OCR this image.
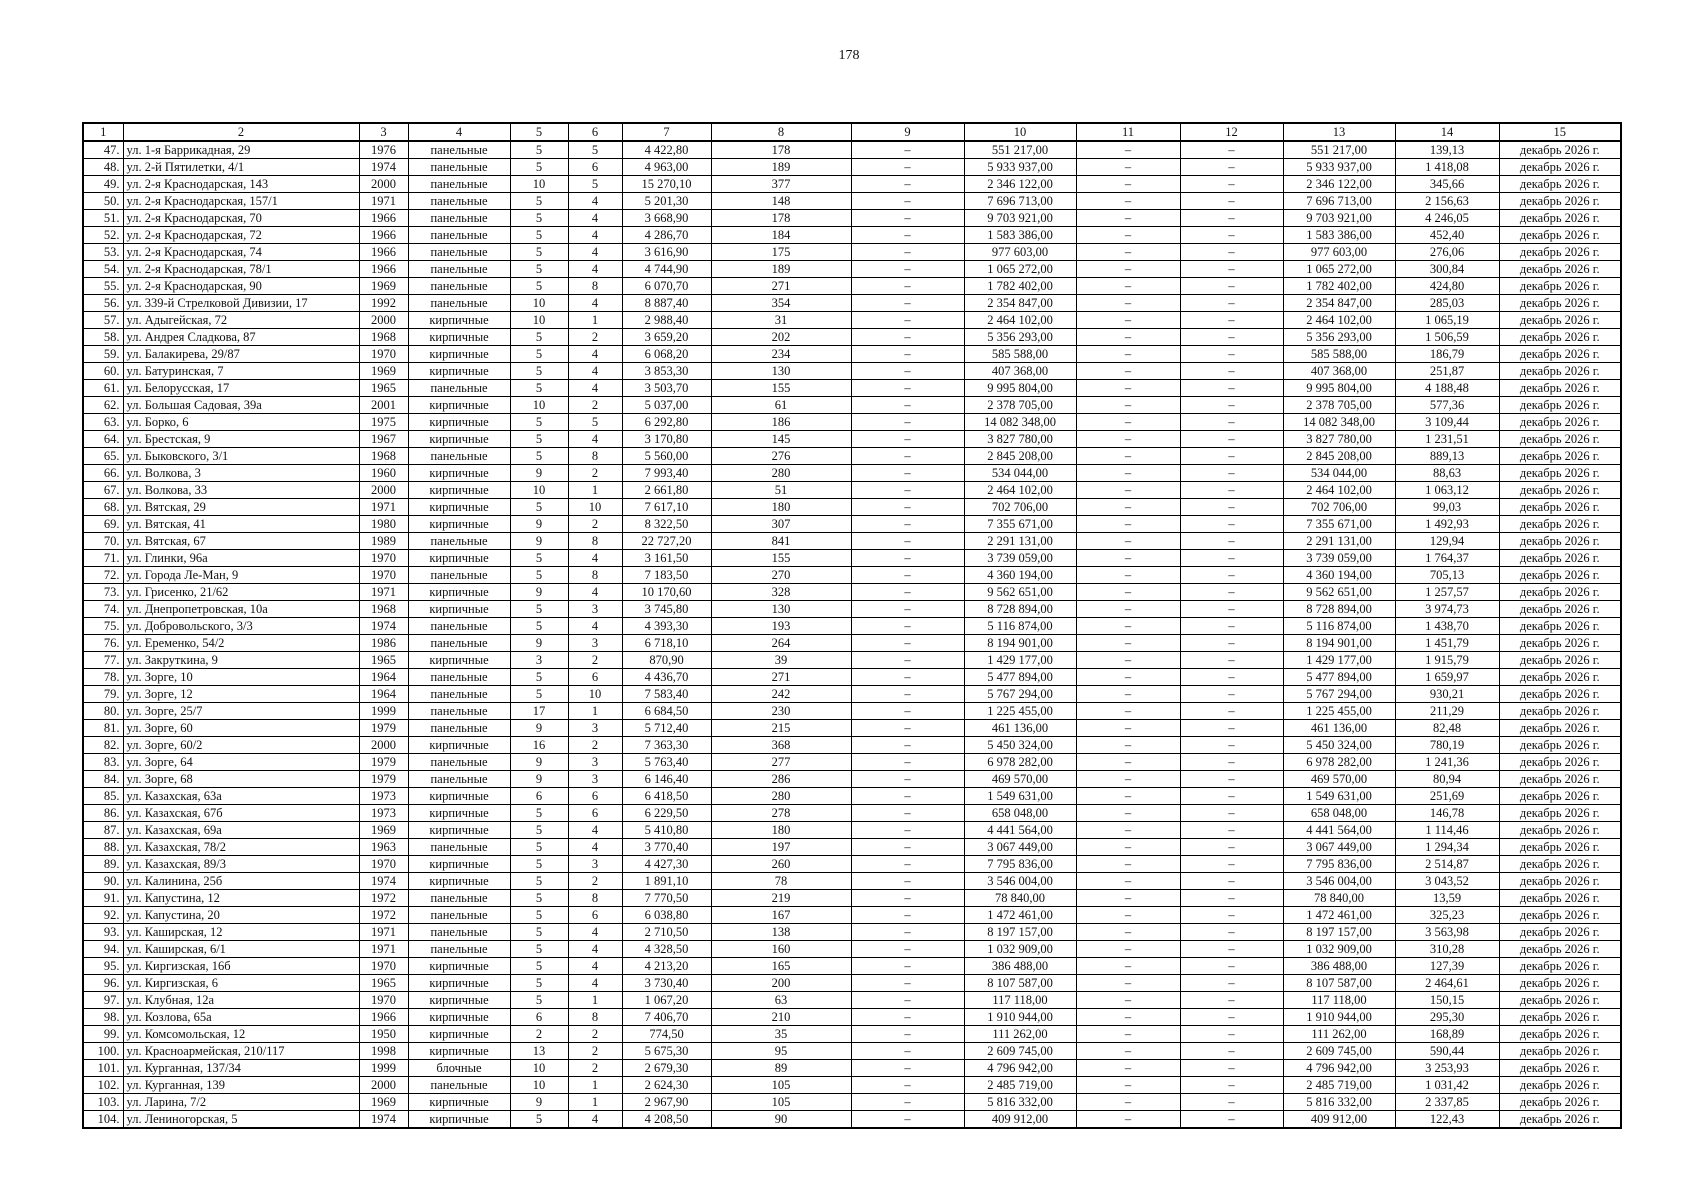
178
1	2	3	4	5	6	7	8	9	10	11	12	13	14	15
47.	ул. 1-я Баррикадная, 29	1976	панельные	5	5	4 422,80	178	–	551 217,00	–	–	551 217,00	139,13	декабрь 2026 г.
48.	ул. 2-й Пятилетки, 4/1	1974	панельные	5	6	4 963,00	189	–	5 933 937,00	–	–	5 933 937,00	1 418,08	декабрь 2026 г.
49.	ул. 2-я Краснодарская, 143	2000	панельные	10	5	15 270,10	377	–	2 346 122,00	–	–	2 346 122,00	345,66	декабрь 2026 г.
50.	ул. 2-я Краснодарская, 157/1	1971	панельные	5	4	5 201,30	148	–	7 696 713,00	–	–	7 696 713,00	2 156,63	декабрь 2026 г.
51.	ул. 2-я Краснодарская, 70	1966	панельные	5	4	3 668,90	178	–	9 703 921,00	–	–	9 703 921,00	4 246,05	декабрь 2026 г.
52.	ул. 2-я Краснодарская, 72	1966	панельные	5	4	4 286,70	184	–	1 583 386,00	–	–	1 583 386,00	452,40	декабрь 2026 г.
53.	ул. 2-я Краснодарская, 74	1966	панельные	5	4	3 616,90	175	–	977 603,00	–	–	977 603,00	276,06	декабрь 2026 г.
54.	ул. 2-я Краснодарская, 78/1	1966	панельные	5	4	4 744,90	189	–	1 065 272,00	–	–	1 065 272,00	300,84	декабрь 2026 г.
55.	ул. 2-я Краснодарская, 90	1969	панельные	5	8	6 070,70	271	–	1 782 402,00	–	–	1 782 402,00	424,80	декабрь 2026 г.
56.	ул. 339-й Стрелковой Дивизии, 17	1992	панельные	10	4	8 887,40	354	–	2 354 847,00	–	–	2 354 847,00	285,03	декабрь 2026 г.
57.	ул. Адыгейская, 72	2000	кирпичные	10	1	2 988,40	31	–	2 464 102,00	–	–	2 464 102,00	1 065,19	декабрь 2026 г.
58.	ул. Андрея Сладкова, 87	1968	кирпичные	5	2	3 659,20	202	–	5 356 293,00	–	–	5 356 293,00	1 506,59	декабрь 2026 г.
59.	ул. Балакирева, 29/87	1970	кирпичные	5	4	6 068,20	234	–	585 588,00	–	–	585 588,00	186,79	декабрь 2026 г.
60.	ул. Батуринская, 7	1969	кирпичные	5	4	3 853,30	130	–	407 368,00	–	–	407 368,00	251,87	декабрь 2026 г.
61.	ул. Белорусская, 17	1965	панельные	5	4	3 503,70	155	–	9 995 804,00	–	–	9 995 804,00	4 188,48	декабрь 2026 г.
62.	ул. Большая Садовая, 39а	2001	кирпичные	10	2	5 037,00	61	–	2 378 705,00	–	–	2 378 705,00	577,36	декабрь 2026 г.
63.	ул. Борко, 6	1975	кирпичные	5	5	6 292,80	186	–	14 082 348,00	–	–	14 082 348,00	3 109,44	декабрь 2026 г.
64.	ул. Брестская, 9	1967	кирпичные	5	4	3 170,80	145	–	3 827 780,00	–	–	3 827 780,00	1 231,51	декабрь 2026 г.
65.	ул. Быковского, 3/1	1968	панельные	5	8	5 560,00	276	–	2 845 208,00	–	–	2 845 208,00	889,13	декабрь 2026 г.
66.	ул. Волкова, 3	1960	кирпичные	9	2	7 993,40	280	–	534 044,00	–	–	534 044,00	88,63	декабрь 2026 г.
67.	ул. Волкова, 33	2000	кирпичные	10	1	2 661,80	51	–	2 464 102,00	–	–	2 464 102,00	1 063,12	декабрь 2026 г.
68.	ул. Вятская, 29	1971	кирпичные	5	10	7 617,10	180	–	702 706,00	–	–	702 706,00	99,03	декабрь 2026 г.
69.	ул. Вятская, 41	1980	кирпичные	9	2	8 322,50	307	–	7 355 671,00	–	–	7 355 671,00	1 492,93	декабрь 2026 г.
70.	ул. Вятская, 67	1989	панельные	9	8	22 727,20	841	–	2 291 131,00	–	–	2 291 131,00	129,94	декабрь 2026 г.
71.	ул. Глинки, 96а	1970	кирпичные	5	4	3 161,50	155	–	3 739 059,00	–	–	3 739 059,00	1 764,37	декабрь 2026 г.
72.	ул. Города Ле-Ман, 9	1970	панельные	5	8	7 183,50	270	–	4 360 194,00	–	–	4 360 194,00	705,13	декабрь 2026 г.
73.	ул. Грисенко, 21/62	1971	кирпичные	9	4	10 170,60	328	–	9 562 651,00	–	–	9 562 651,00	1 257,57	декабрь 2026 г.
74.	ул. Днепропетровская, 10а	1968	кирпичные	5	3	3 745,80	130	–	8 728 894,00	–	–	8 728 894,00	3 974,73	декабрь 2026 г.
75.	ул. Добровольского, 3/3	1974	панельные	5	4	4 393,30	193	–	5 116 874,00	–	–	5 116 874,00	1 438,70	декабрь 2026 г.
76.	ул. Еременко, 54/2	1986	панельные	9	3	6 718,10	264	–	8 194 901,00	–	–	8 194 901,00	1 451,79	декабрь 2026 г.
77.	ул. Закруткина, 9	1965	кирпичные	3	2	870,90	39	–	1 429 177,00	–	–	1 429 177,00	1 915,79	декабрь 2026 г.
78.	ул. Зорге, 10	1964	панельные	5	6	4 436,70	271	–	5 477 894,00	–	–	5 477 894,00	1 659,97	декабрь 2026 г.
79.	ул. Зорге, 12	1964	панельные	5	10	7 583,40	242	–	5 767 294,00	–	–	5 767 294,00	930,21	декабрь 2026 г.
80.	ул. Зорге, 25/7	1999	панельные	17	1	6 684,50	230	–	1 225 455,00	–	–	1 225 455,00	211,29	декабрь 2026 г.
81.	ул. Зорге, 60	1979	панельные	9	3	5 712,40	215	–	461 136,00	–	–	461 136,00	82,48	декабрь 2026 г.
82.	ул. Зорге, 60/2	2000	кирпичные	16	2	7 363,30	368	–	5 450 324,00	–	–	5 450 324,00	780,19	декабрь 2026 г.
83.	ул. Зорге, 64	1979	панельные	9	3	5 763,40	277	–	6 978 282,00	–	–	6 978 282,00	1 241,36	декабрь 2026 г.
84.	ул. Зорге, 68	1979	панельные	9	3	6 146,40	286	–	469 570,00	–	–	469 570,00	80,94	декабрь 2026 г.
85.	ул. Казахская, 63а	1973	кирпичные	6	6	6 418,50	280	–	1 549 631,00	–	–	1 549 631,00	251,69	декабрь 2026 г.
86.	ул. Казахская, 67б	1973	кирпичные	5	6	6 229,50	278	–	658 048,00	–	–	658 048,00	146,78	декабрь 2026 г.
87.	ул. Казахская, 69а	1969	кирпичные	5	4	5 410,80	180	–	4 441 564,00	–	–	4 441 564,00	1 114,46	декабрь 2026 г.
88.	ул. Казахская, 78/2	1963	панельные	5	4	3 770,40	197	–	3 067 449,00	–	–	3 067 449,00	1 294,34	декабрь 2026 г.
89.	ул. Казахская, 89/3	1970	кирпичные	5	3	4 427,30	260	–	7 795 836,00	–	–	7 795 836,00	2 514,87	декабрь 2026 г.
90.	ул. Калинина, 25б	1974	кирпичные	5	2	1 891,10	78	–	3 546 004,00	–	–	3 546 004,00	3 043,52	декабрь 2026 г.
91.	ул. Капустина, 12	1972	панельные	5	8	7 770,50	219	–	78 840,00	–	–	78 840,00	13,59	декабрь 2026 г.
92.	ул. Капустина, 20	1972	панельные	5	6	6 038,80	167	–	1 472 461,00	–	–	1 472 461,00	325,23	декабрь 2026 г.
93.	ул. Каширская, 12	1971	панельные	5	4	2 710,50	138	–	8 197 157,00	–	–	8 197 157,00	3 563,98	декабрь 2026 г.
94.	ул. Каширская, 6/1	1971	панельные	5	4	4 328,50	160	–	1 032 909,00	–	–	1 032 909,00	310,28	декабрь 2026 г.
95.	ул. Киргизская, 16б	1970	кирпичные	5	4	4 213,20	165	–	386 488,00	–	–	386 488,00	127,39	декабрь 2026 г.
96.	ул. Киргизская, 6	1965	кирпичные	5	4	3 730,40	200	–	8 107 587,00	–	–	8 107 587,00	2 464,61	декабрь 2026 г.
97.	ул. Клубная, 12а	1970	кирпичные	5	1	1 067,20	63	–	117 118,00	–	–	117 118,00	150,15	декабрь 2026 г.
98.	ул. Козлова, 65а	1966	кирпичные	6	8	7 406,70	210	–	1 910 944,00	–	–	1 910 944,00	295,30	декабрь 2026 г.
99.	ул. Комсомольская, 12	1950	кирпичные	2	2	774,50	35	–	111 262,00	–	–	111 262,00	168,89	декабрь 2026 г.
100.	ул. Красноармейская, 210/117	1998	кирпичные	13	2	5 675,30	95	–	2 609 745,00	–	–	2 609 745,00	590,44	декабрь 2026 г.
101.	ул. Курганная, 137/34	1999	блочные	10	2	2 679,30	89	–	4 796 942,00	–	–	4 796 942,00	3 253,93	декабрь 2026 г.
102.	ул. Курганная, 139	2000	панельные	10	1	2 624,30	105	–	2 485 719,00	–	–	2 485 719,00	1 031,42	декабрь 2026 г.
103.	ул. Ларина, 7/2	1969	кирпичные	9	1	2 967,90	105	–	5 816 332,00	–	–	5 816 332,00	2 337,85	декабрь 2026 г.
104.	ул. Лениногорская, 5	1974	кирпичные	5	4	4 208,50	90	–	409 912,00	–	–	409 912,00	122,43	декабрь 2026 г.
